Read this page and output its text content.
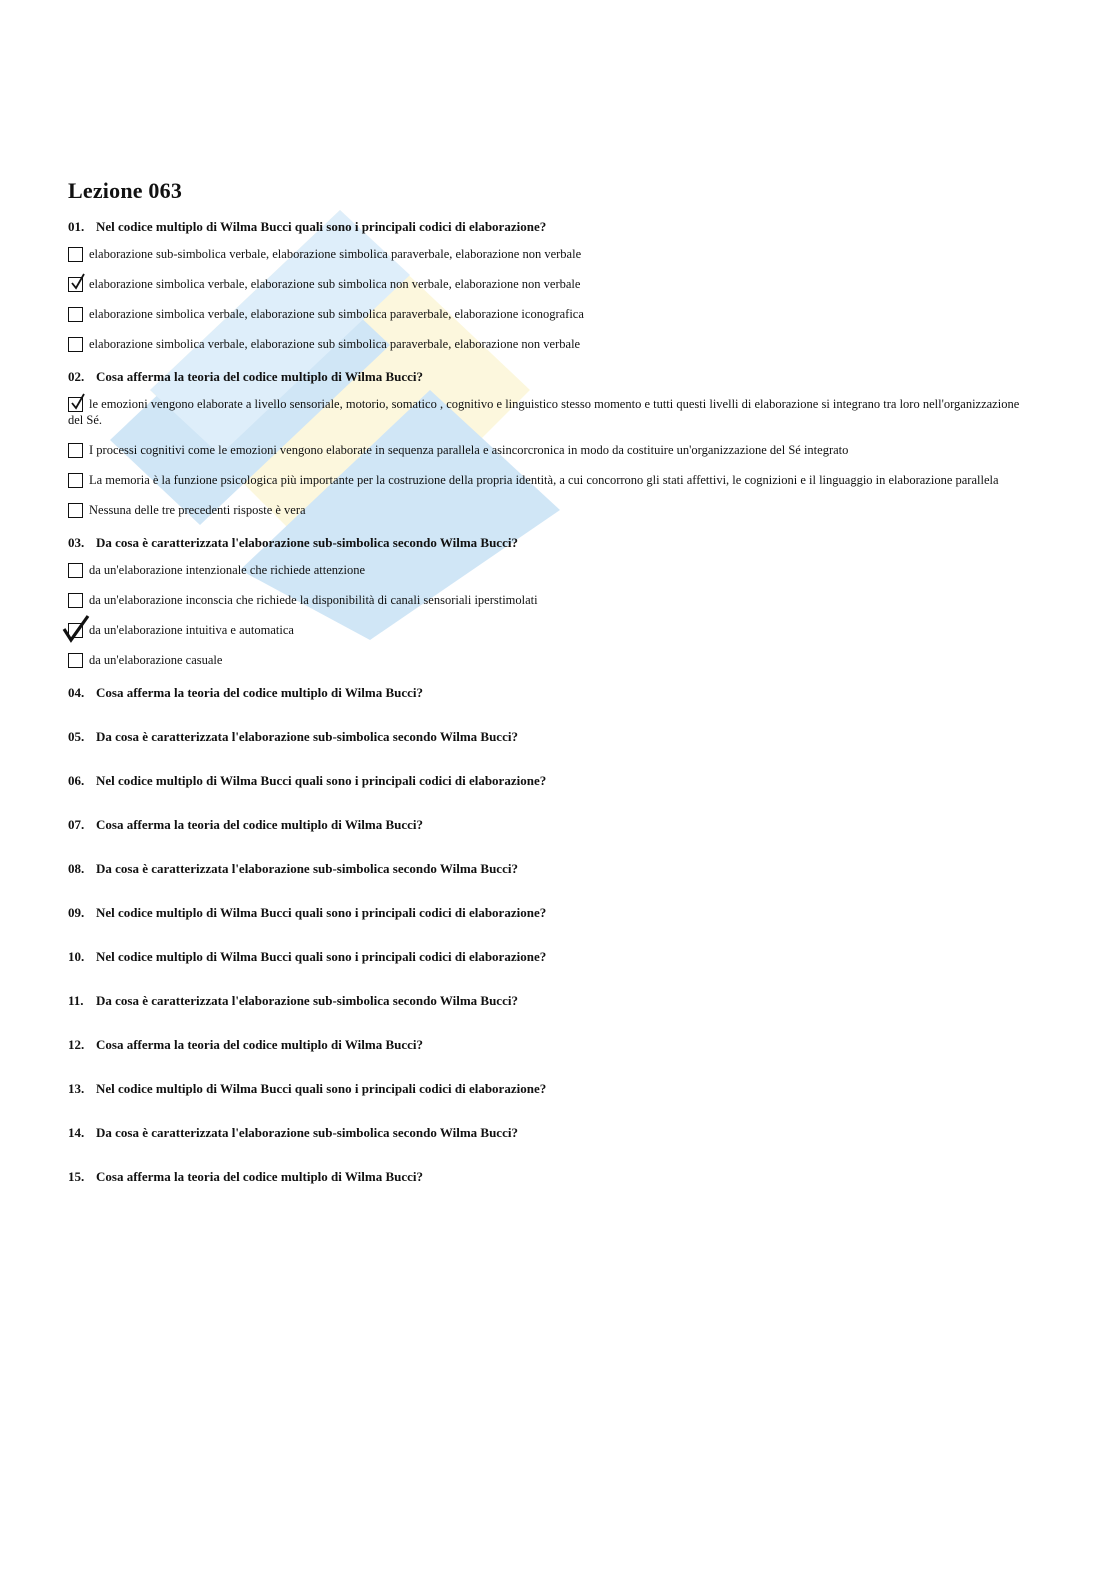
Lezione 063
01. Nel codice multiplo di Wilma Bucci quali sono i principali codici di elaborazione?
elaborazione sub-simbolica verbale, elaborazione simbolica paraverbale, elaborazione non verbale
elaborazione simbolica verbale, elaborazione sub simbolica non verbale, elaborazione non verbale
elaborazione simbolica verbale, elaborazione sub simbolica paraverbale, elaborazione iconografica
elaborazione simbolica verbale, elaborazione sub simbolica paraverbale, elaborazione non verbale
02. Cosa afferma la teoria del codice multiplo di Wilma Bucci?
le emozioni vengono elaborate a livello sensoriale, motorio, somatico , cognitivo e linguistico stesso momento e tutti questi livelli di elaborazione si integrano tra loro nell'organizzazione del Sé.
I processi cognitivi come le emozioni vengono elaborate in sequenza parallela e asincorcronica in modo da costituire un'organizzazione del Sé integrato
La memoria è la funzione psicologica più importante per la costruzione della propria identità, a cui concorrono gli stati affettivi, le cognizioni e il linguaggio in elaborazione parallela
Nessuna delle tre precedenti risposte è vera
03. Da cosa è caratterizzata l'elaborazione sub-simbolica secondo Wilma Bucci?
da un'elaborazione intenzionale che richiede attenzione
da un'elaborazione inconscia che richiede la disponibilità di canali sensoriali iperstimolati
da un'elaborazione intuitiva e automatica
da un'elaborazione casuale
04. Cosa afferma la teoria del codice multiplo di Wilma Bucci?
05. Da cosa è caratterizzata l'elaborazione sub-simbolica secondo Wilma Bucci?
06. Nel codice multiplo di Wilma Bucci quali sono i principali codici di elaborazione?
07. Cosa afferma la teoria del codice multiplo di Wilma Bucci?
08. Da cosa è caratterizzata l'elaborazione sub-simbolica secondo Wilma Bucci?
09. Nel codice multiplo di Wilma Bucci quali sono i principali codici di elaborazione?
10. Nel codice multiplo di Wilma Bucci quali sono i principali codici di elaborazione?
11. Da cosa è caratterizzata l'elaborazione sub-simbolica secondo Wilma Bucci?
12. Cosa afferma la teoria del codice multiplo di Wilma Bucci?
13. Nel codice multiplo di Wilma Bucci quali sono i principali codici di elaborazione?
14. Da cosa è caratterizzata l'elaborazione sub-simbolica secondo Wilma Bucci?
15. Cosa afferma la teoria del codice multiplo di Wilma Bucci?
